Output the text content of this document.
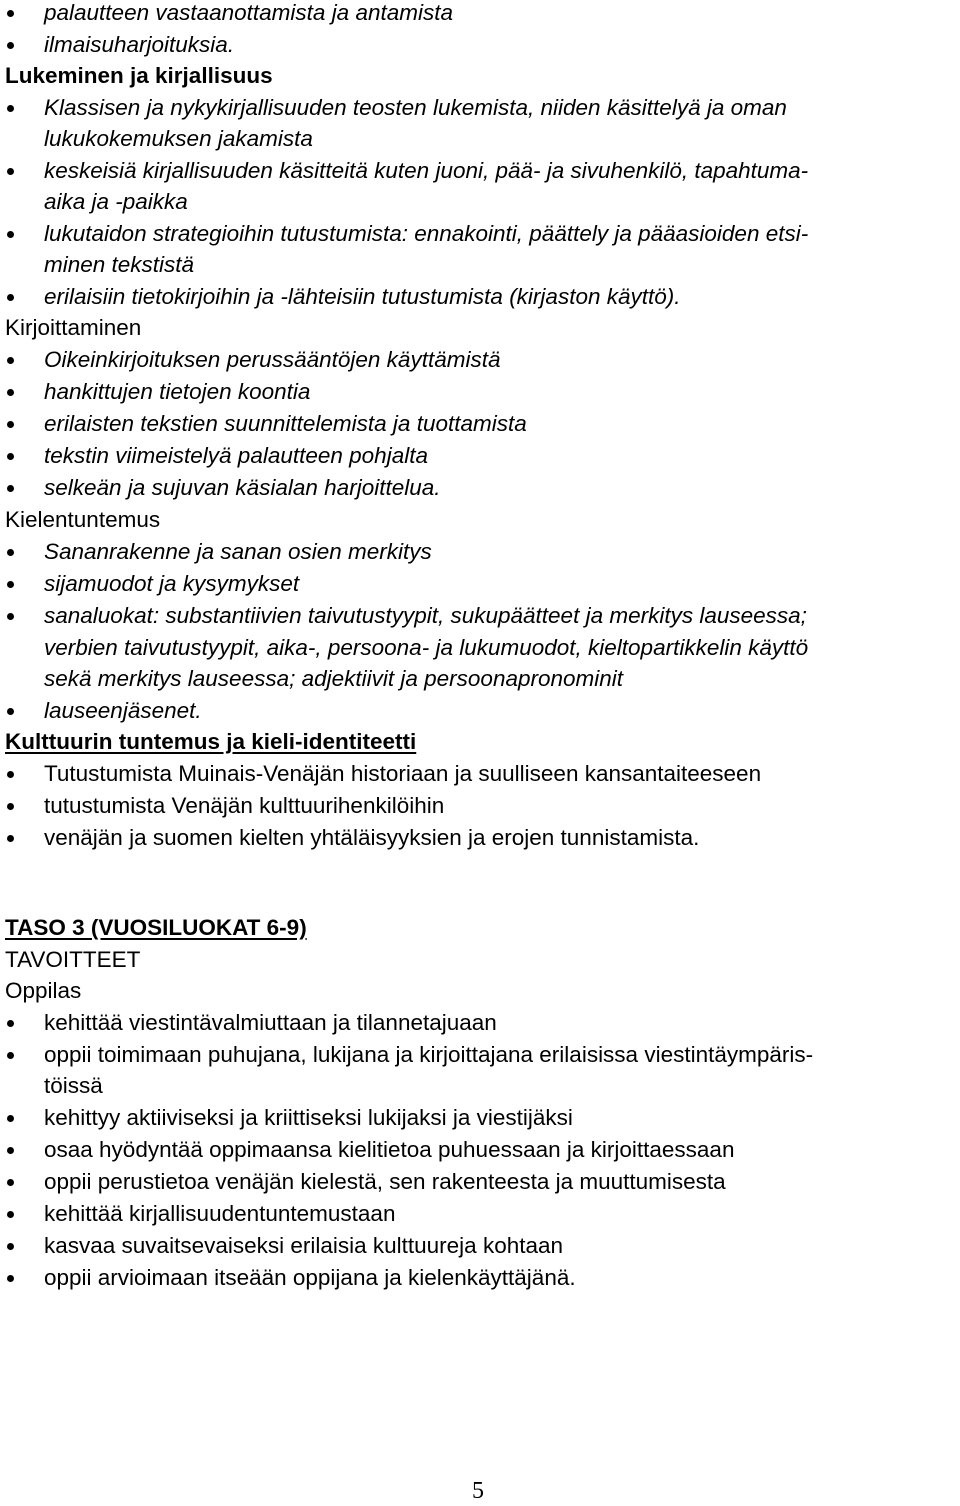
palautteen vastaanottamista ja antamista
ilmaisuharjoituksia.
Lukeminen ja kirjallisuus
Klassisen ja nykykirjallisuuden teosten lukemista, niiden käsittelyä ja oman
lukukokemuksen jakamista
keskeisiä kirjallisuuden käsitteitä kuten juoni, pää- ja sivuhenkilö, tapahtuma-
aika ja -paikka
lukutaidon strategioihin tutustumista: ennakointi, päättely ja pääasioiden etsi-
minen tekstistä
erilaisiin tietokirjoihin ja -lähteisiin tutustumista (kirjaston käyttö).
Kirjoittaminen
Oikeinkirjoituksen perussääntöjen käyttämistä
hankittujen tietojen koontia
erilaisten tekstien suunnittelemista ja tuottamista
tekstin viimeistelyä palautteen pohjalta
selkeän ja sujuvan käsialan harjoittelua.
Kielentuntemus
Sananrakenne ja sanan osien merkitys
sijamuodot ja kysymykset
sanaluokat: substantiivien taivutustyypit, sukupäätteet ja merkitys lauseessa;
verbien taivutustyypit, aika-, persoona- ja lukumuodot, kieltopartikkelin käyttö
sekä merkitys lauseessa; adjektiivit ja persoonapronominit
lauseenjäsenet.
Kulttuurin tuntemus ja kieli-identiteetti
Tutustumista Muinais-Venäjän historiaan ja suulliseen kansantaiteeseen
tutustumista Venäjän kulttuurihenkilöihin
venäjän ja suomen kielten yhtäläisyyksien ja erojen tunnistamista.
TASO 3 (VUOSILUOKAT 6-9)
TAVOITTEET
Oppilas
kehittää viestintävalmiuttaan ja tilannetajuaan
oppii toimimaan puhujana, lukijana ja kirjoittajana erilaisissa viestintäympäris-
töissä
kehittyy aktiiviseksi ja kriittiseksi lukijaksi ja viestijäksi
osaa hyödyntää oppimaansa kielitietoa puhuessaan ja kirjoittaessaan
oppii perustietoa venäjän kielestä, sen rakenteesta ja muuttumisesta
kehittää kirjallisuudentuntemustaan
kasvaa suvaitsevaiseksi erilaisia kulttuureja kohtaan
oppii arvioimaan itseään oppijana ja kielenkäyttäjänä.
5
